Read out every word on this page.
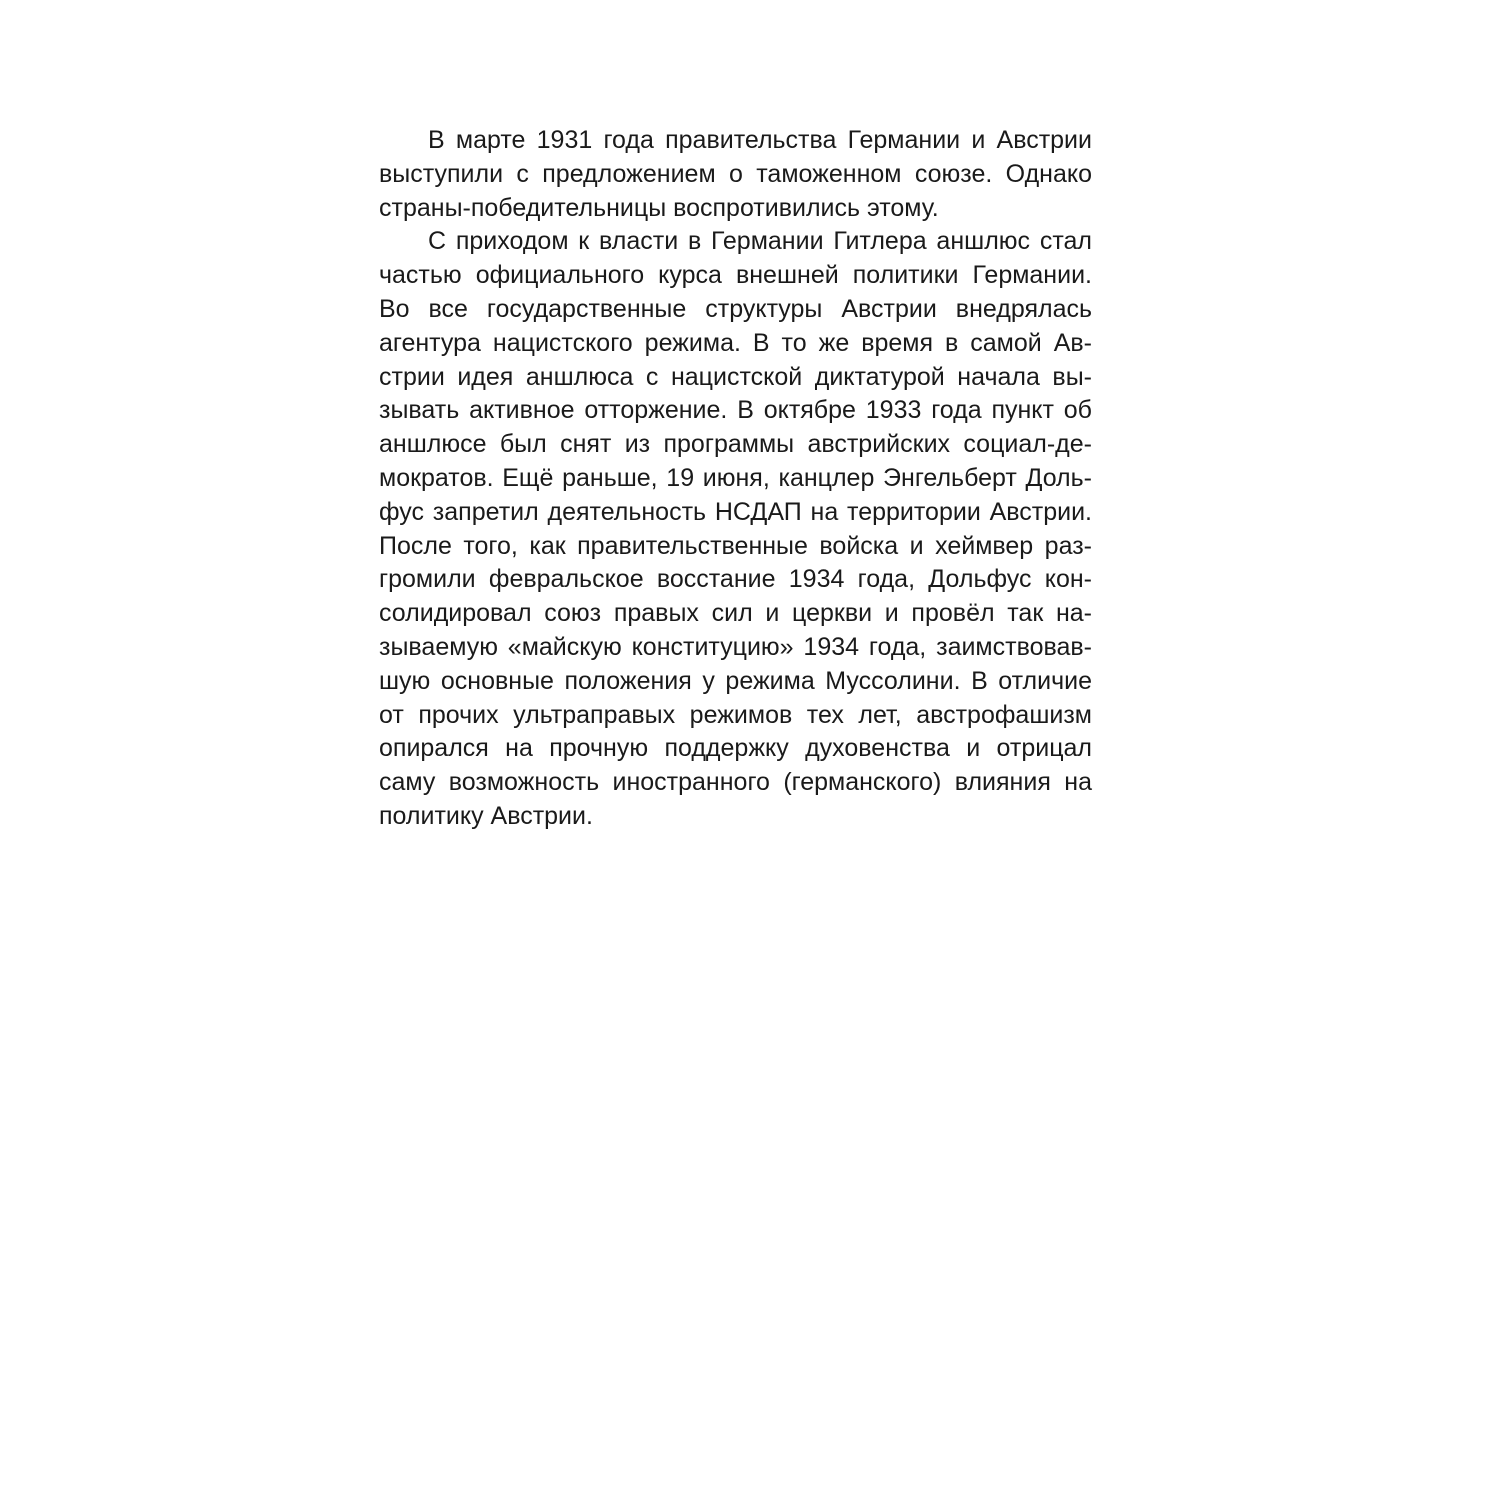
В марте 1931 года правительства Германии и Австрии
выступили с предложением о таможенном союзе. Однако
страны-победительницы воспротивились этому.
С приходом к власти в Германии Гитлера аншлюс стал
частью официального курса внешней политики Германии.
Во все государственные структуры Австрии внедрялась
агентура нацистского режима. В то же время в самой Ав-
стрии идея аншлюса с нацистской диктатурой начала вы-
зывать активное отторжение. В октябре 1933 года пункт об
аншлюсе был снят из программы австрийских социал-де-
мократов. Ещё раньше, 19 июня, канцлер Энгельберт Доль-
фус запретил деятельность НСДАП на территории Австрии.
После того, как правительственные войска и хеймвер раз-
громили февральское восстание 1934 года, Дольфус кон-
солидировал союз правых сил и церкви и провёл так на-
зываемую «майскую конституцию» 1934 года, заимствовав-
шую основные положения у режима Муссолини. В отличие
от прочих ультраправых режимов тех лет, австрофашизм
опирался на прочную поддержку духовенства и отрицал
саму возможность иностранного (германского) влияния на
политику Австрии.
